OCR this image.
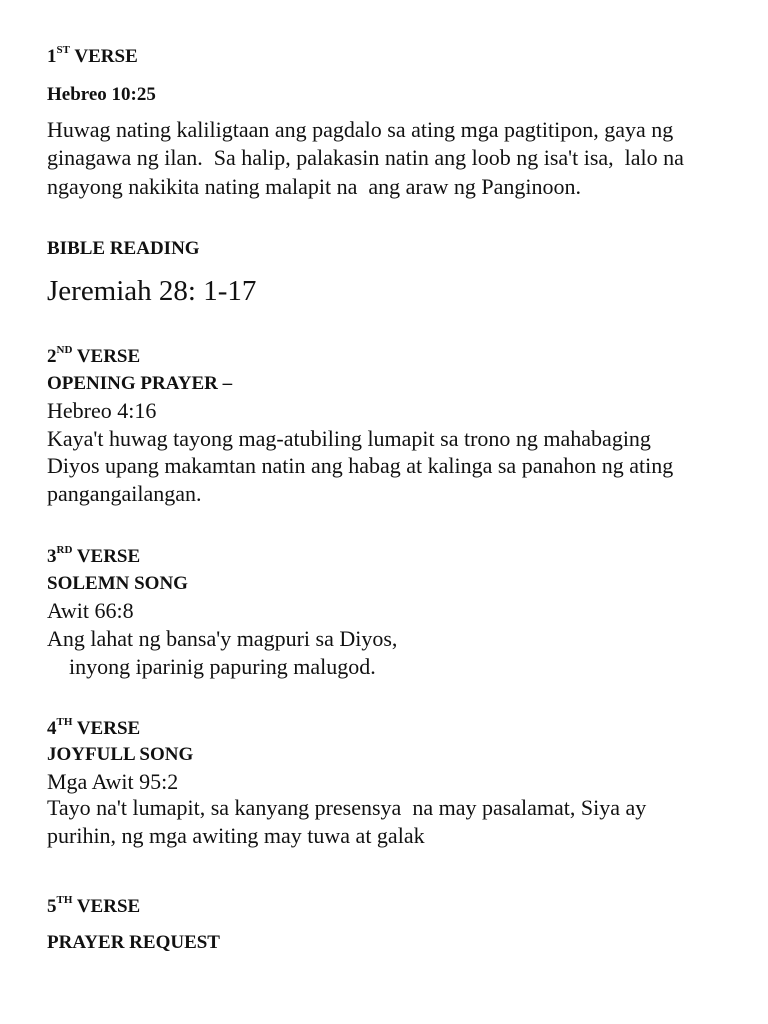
1ST VERSE
Hebreo 10:25
Huwag nating kaliligtaan ang pagdalo sa ating mga pagtitipon, gaya ng
ginagawa ng ilan.  Sa halip, palakasin natin ang loob ng isa't isa,  lalo na
ngayong nakikita nating malapit na  ang araw ng Panginoon.
BIBLE READING
Jeremiah 28: 1-17
2ND VERSE
OPENING PRAYER –
Hebreo 4:16
Kaya't huwag tayong mag-atubiling lumapit sa trono ng mahabaging
Diyos upang makamtan natin ang habag at kalinga sa panahon ng ating
pangangailangan.
3RD VERSE
SOLEMN SONG
Awit 66:8
Ang lahat ng bansa'y magpuri sa Diyos,
inyong iparinig papuring malugod.
4TH VERSE
JOYFULL SONG
Mga Awit 95:2
Tayo na't lumapit, sa kanyang presensya  na may pasalamat, Siya ay
purihin, ng mga awiting may tuwa at galak
5TH VERSE
PRAYER REQUEST
